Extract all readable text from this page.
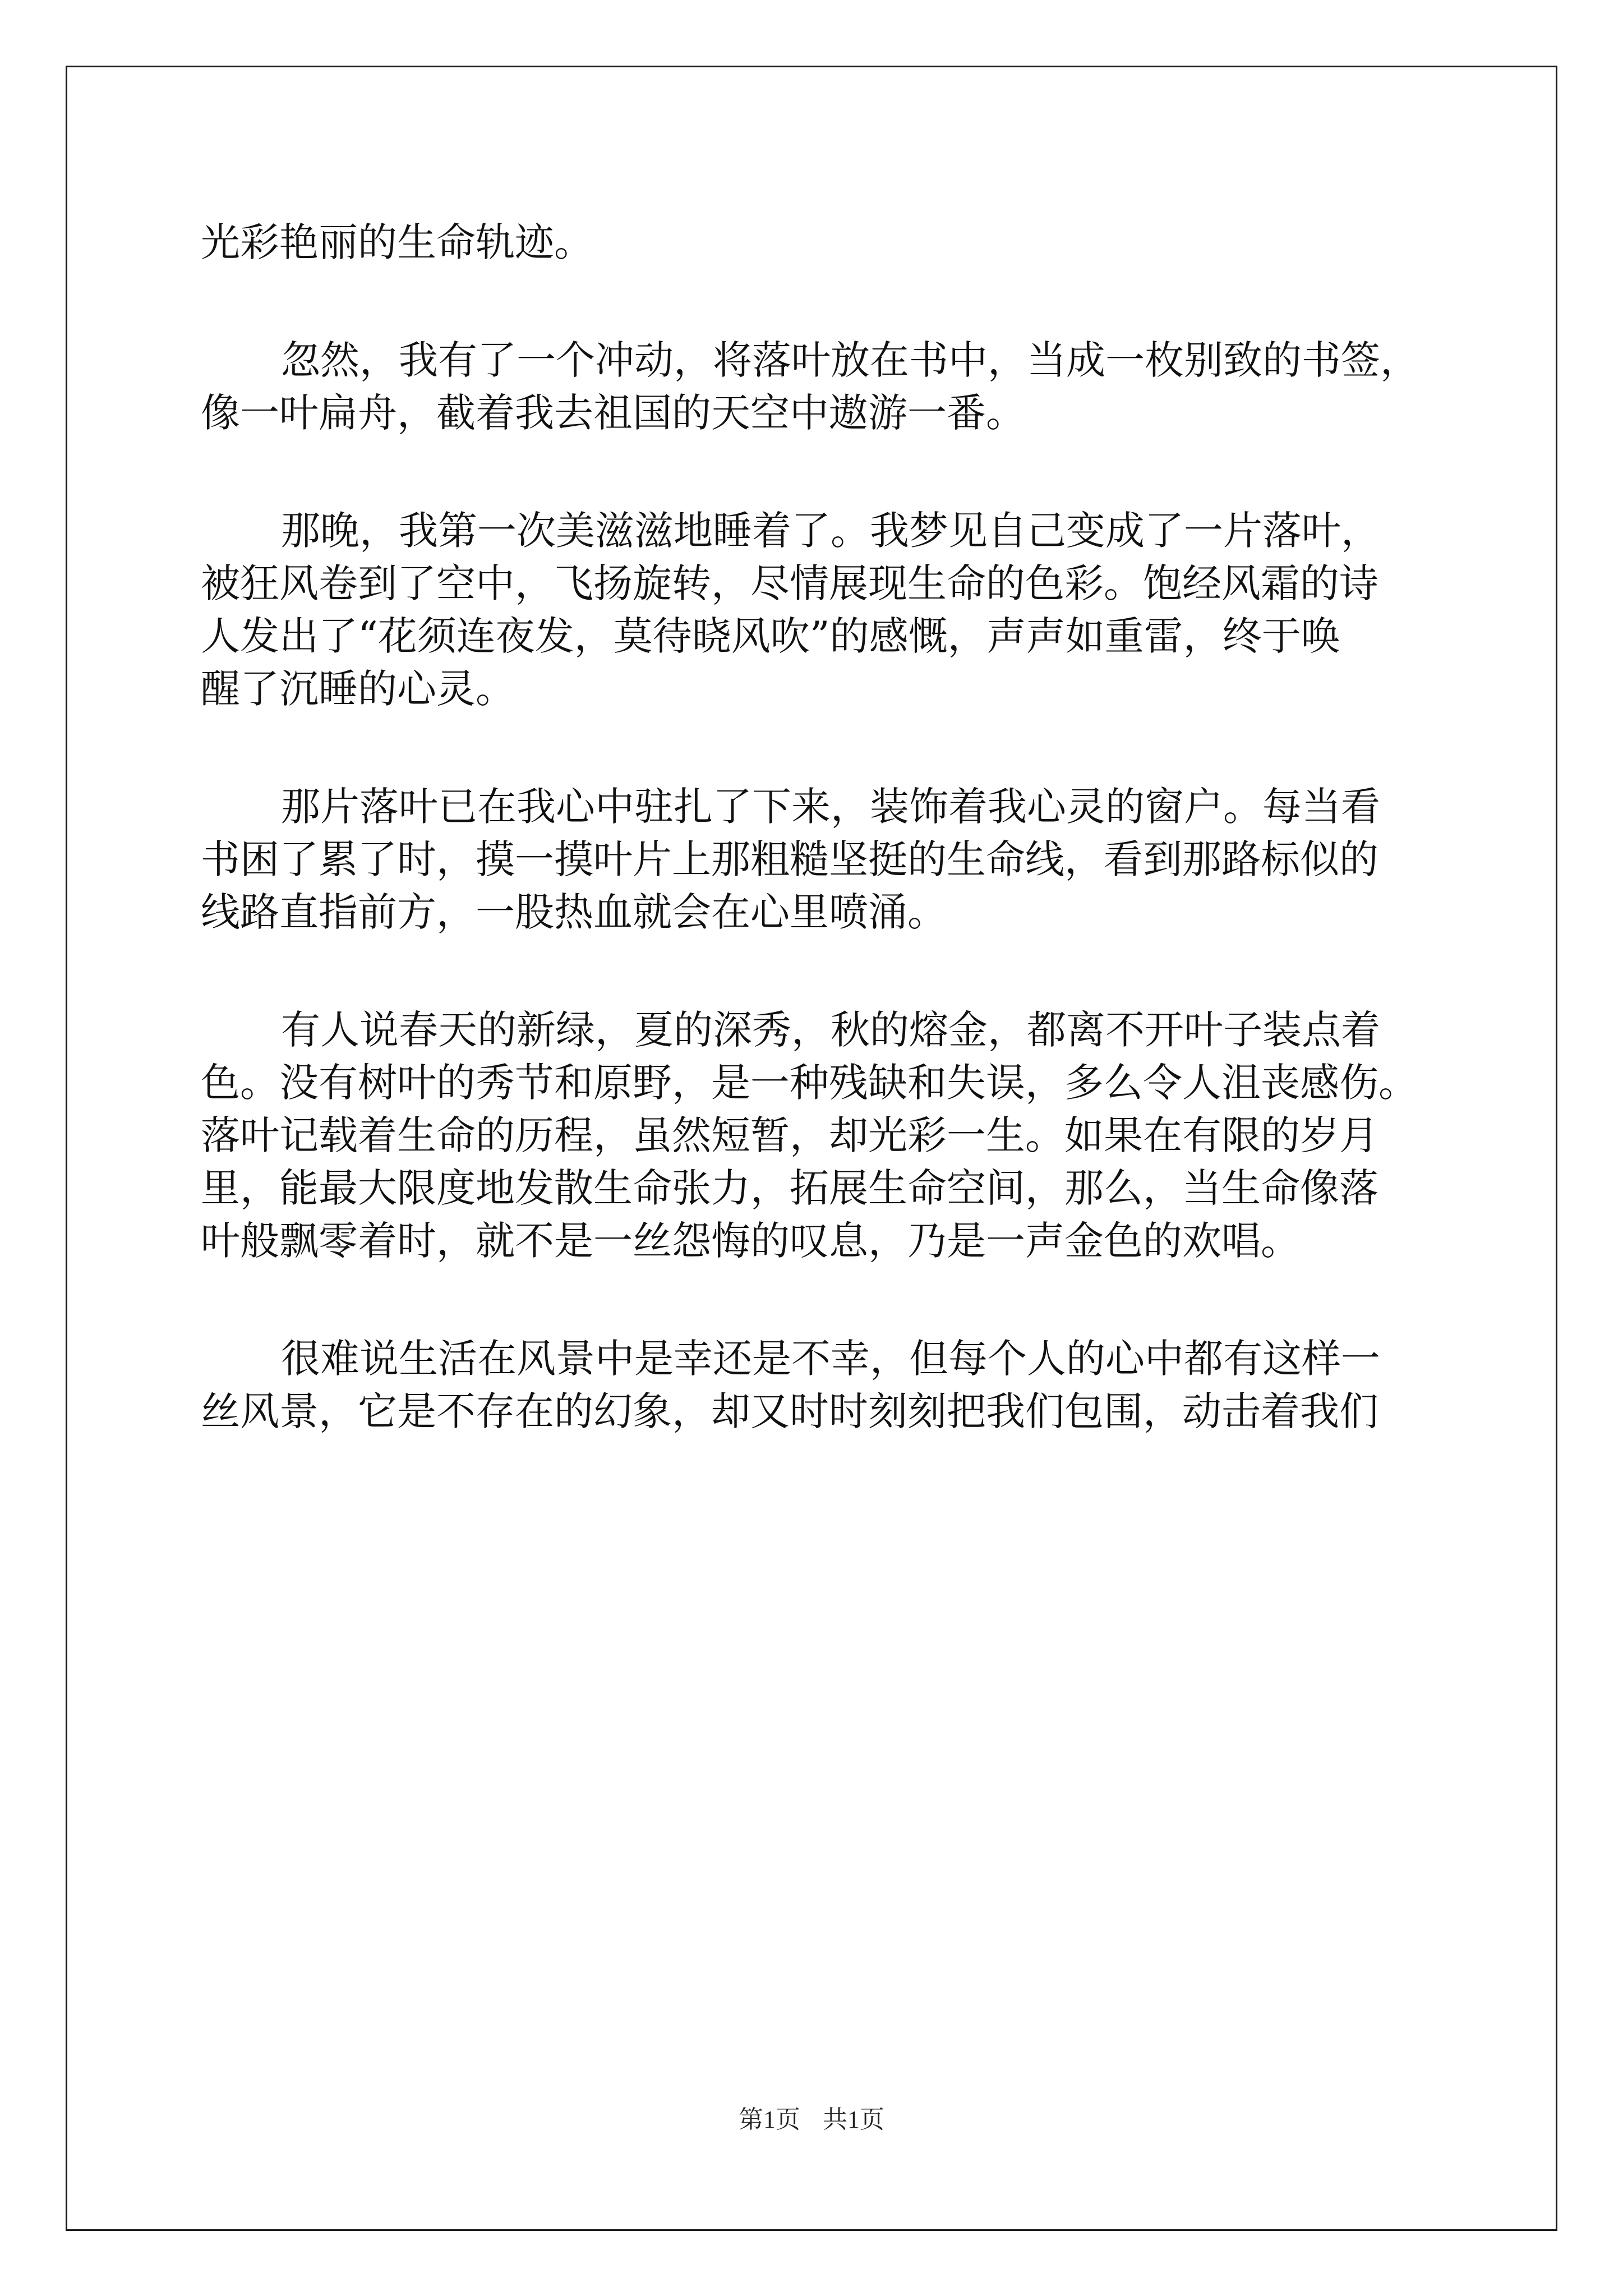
光彩艳丽的生命轨迹。
忽然，我有了一个冲动，将落叶放在书中，当成一枚别致的书签，
像一叶扁舟，截着我去祖国的天空中遨游一番。
那晚，我第一次美滋滋地睡着了。我梦见自己变成了一片落叶，
被狂风卷到了空中，飞扬旋转，尽情展现生命的色彩。饱经风霜的诗
人发出了“花须连夜发，莫待晓风吹”的感慨，声声如重雷，终于唤
醒了沉睡的心灵。
那片落叶已在我心中驻扎了下来，装饰着我心灵的窗户。每当看
书困了累了时，摸一摸叶片上那粗糙坚挺的生命线，看到那路标似的
线路直指前方，一股热血就会在心里喷涌。
有人说春天的新绿，夏的深秀，秋的熔金，都离不开叶子装点着
色。没有树叶的秀节和原野，是一种残缺和失误，多么令人沮丧感伤。
落叶记载着生命的历程，虽然短暂，却光彩一生。如果在有限的岁月
里，能最大限度地发散生命张力，拓展生命空间，那么，当生命像落
叶般飘零着时，就不是一丝怨悔的叹息，乃是一声金色的欢唱。
很难说生活在风景中是幸还是不幸，但每个人的心中都有这样一
丝风景，它是不存在的幻象，却又时时刻刻把我们包围，动击着我们
第1页 共1页
